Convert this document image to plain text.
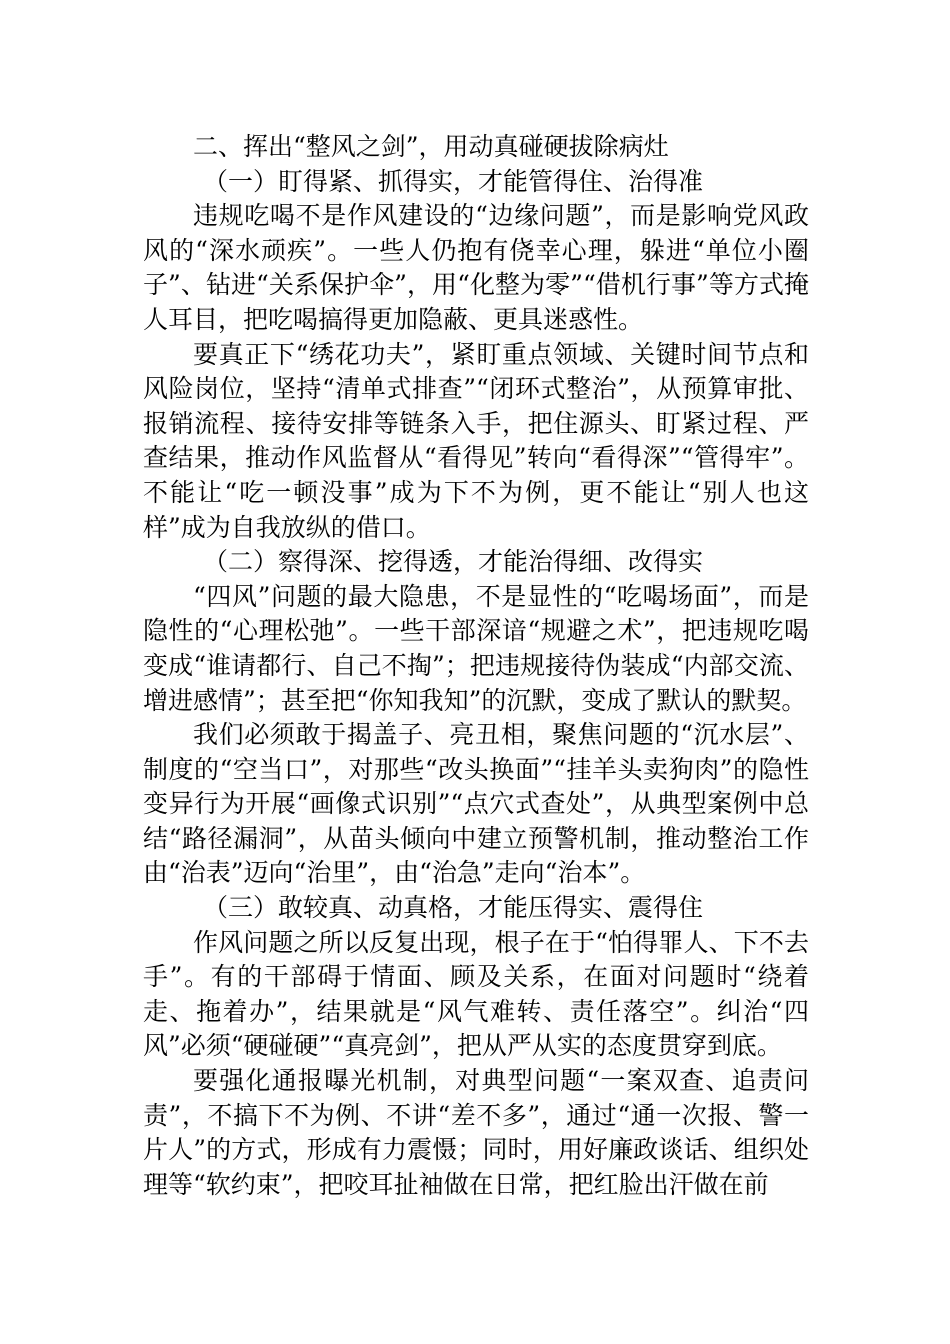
二、挥出“整风之剑”，用动真碰硬拔除病灶

（一）盯得紧、抓得实，才能管得住、治得准

违规吃喝不是作风建设的“边缘问题”，而是影响党风政风的“深水顽疾”。一些人仍抱有侥幸心理，躲进“单位小圈子”、钻进“关系保护伞”，用“化整为零”“借机行事”等方式掩人耳目，把吃喝搞得更加隐蔽、更具迷惑性。

要真正下“绣花功夫”，紧盯重点领域、关键时间节点和风险岗位，坚持“清单式排查”“闭环式整治”，从预算审批、报销流程、接待安排等链条入手，把住源头、盯紧过程、严查结果，推动作风监督从“看得见”转向“看得深”“管得牢”。不能让“吃一顿没事”成为下不为例，更不能让“别人也这样”成为自我放纵的借口。

（二）察得深、挖得透，才能治得细、改得实

“四风”问题的最大隐患，不是显性的“吃喝场面”，而是隐性的“心理松弛”。一些干部深谙“规避之术”，把违规吃喝变成“谁请都行、自己不掏”；把违规接待伪装成“内部交流、增进感情”；甚至把“你知我知”的沉默，变成了默认的默契。

我们必须敢于揭盖子、亮丑相，聚焦问题的“沉水层”、制度的“空当口”，对那些“改头换面”“挂羊头卖狗肉”的隐性变异行为开展“画像式识别”“点穴式查处”，从典型案例中总结“路径漏洞”，从苗头倾向中建立预警机制，推动整治工作由“治表”迈向“治里”，由“治急”走向“治本”。

（三）敢较真、动真格，才能压得实、震得住

作风问题之所以反复出现，根子在于“怕得罪人、下不去手”。有的干部碍于情面、顾及关系，在面对问题时“绕着走、拖着办”，结果就是“风气难转、责任落空”。纠治“四风”必须“硬碰硬”“真亮剑”，把从严从实的态度贯穿到底。

要强化通报曝光机制，对典型问题“一案双查、追责问责”，不搞下不为例、不讲“差不多”，通过“通一次报、警一片人”的方式，形成有力震慑；同时，用好廉政谈话、组织处理等“软约束”，把咬耳扯袖做在日常，把红脸出汗做在前
